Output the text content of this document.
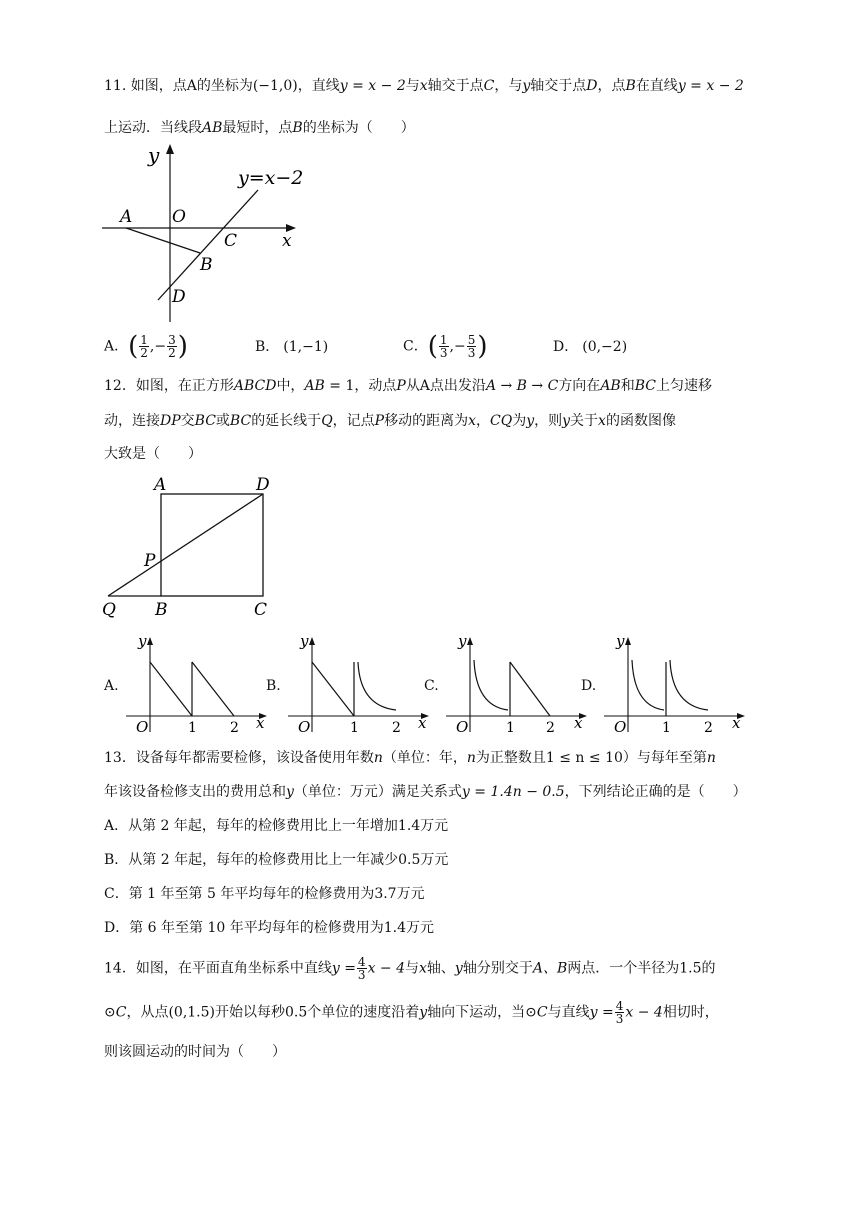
11. 如图，点A的坐标为(−1,0)，直线y = x − 2与x轴交于点C，与y轴交于点D，点B在直线y = x − 2
上运动．当线段AB最短时，点B的坐标为（　　）
y
y=x−2
A O
C	x
B
D
A．( $\frac{1}{2}$ ,− $\frac{3}{2}$ )	B． (1,−1)	C．( $\frac{1}{3}$ ,− $\frac{5}{3}$ )	D． (0,−2)
12．如图，在正方形ABCD中，AB = 1，动点P从A点出发沿A → B → C方向在AB和BC上匀速移
动，连接DP交BC或BC的延长线于Q，记点P移动的距离为x，CQ为y，则y关于x的函数图像
大致是（　　）
A	D
P
Q B	C
A.
y
O	1 2 x
B.
y
O	1 2 x
C.
y
O	1 2 x
D.
y
O	1 2 x
13．设备每年都需要检修，该设备使用年数n（单位：年，n为正整数且1 ≤ n ≤ 10）与每年至第n
年该设备检修支出的费用总和y（单位：万元）满足关系式y = 1.4n − 0.5，下列结论正确的是（　　）
A．从第 2 年起，每年的检修费用比上一年增加1.4万元
B．从第 2 年起，每年的检修费用比上一年减少0.5万元
C．第 1 年至第 5 年平均每年的检修费用为3.7万元
D．第 6 年至第 10 年平均每年的检修费用为1.4万元
14．如图，在平面直角坐标系中直线$y = \frac{4}{3}$ x − 4与x轴、y轴分别交于A、B两点．一个半径为1.5的
⊙C，从点(0,1.5)开始以每秒0.5个单位的速度沿着y轴向下运动，当⊙C与直线$y = \frac{4}{3}$ x − 4相切时，
则该圆运动的时间为（　　）
